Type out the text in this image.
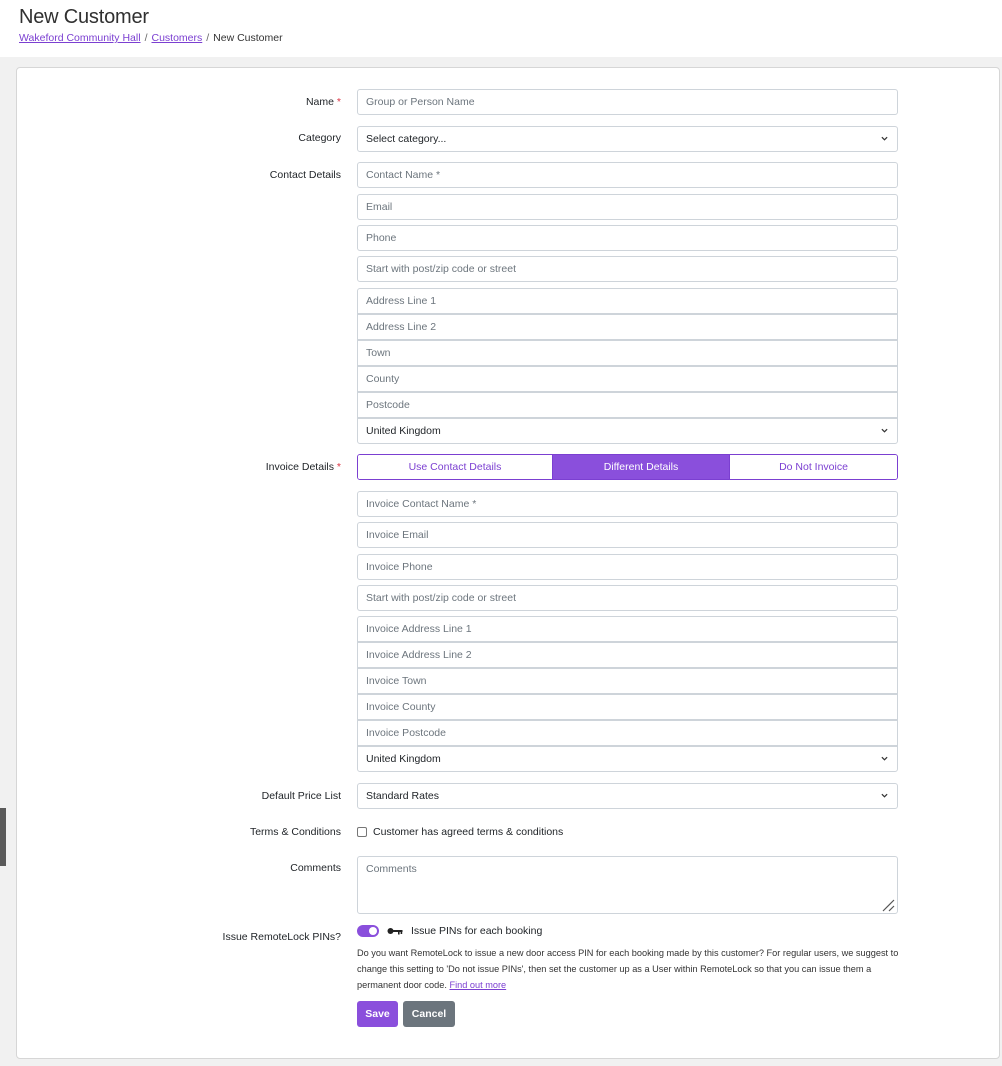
New Customer
Wakeford Community Hall / Customers / New Customer
Name *
Group or Person Name
Category	Select category...
Contact Details
Contact Name *
Email
Phone
Start with post/zip code or street
Address Line 1
Address Line 2
Town
County
Postcode
United Kingdom
Invoice Details *	Use Contact Details	Different Details	Do Not Invoice
Invoice Contact Name *
Invoice Email
Invoice Phone
Start with post/zip code or street
Invoice Address Line 1
Invoice Address Line 2
Invoice Town
Invoice County
Invoice Postcode
United Kingdom
Default Price List	Standard Rates
Terms & Conditions	Customer has agreed terms & conditions
Comments
Comments
Issue RemoteLock PINs?	Issue PINs for each booking
Do you want RemoteLock to issue a new door access PIN for each booking made by this customer? For regular users, we suggest to change this setting to 'Do not issue PINs', then set the customer up as a User within RemoteLock so that you can issue them a permanent door code. Find out more
Save	Cancel
